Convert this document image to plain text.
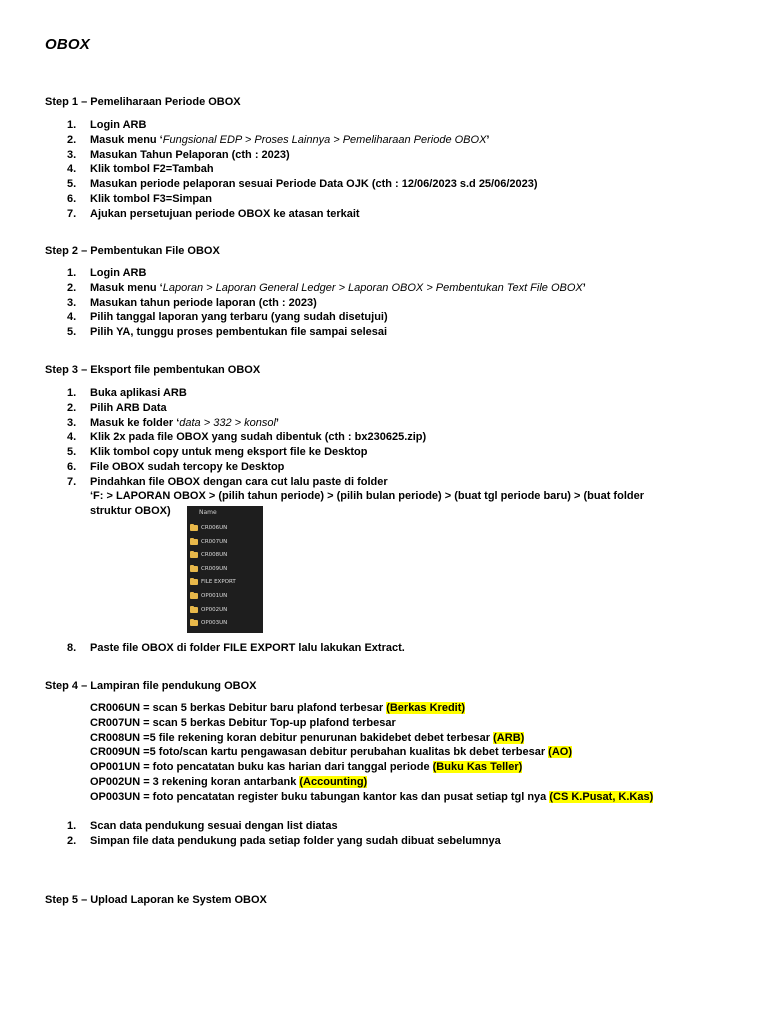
OBOX
Step 1 – Pemeliharaan Periode OBOX
1. Login ARB
2. Masuk menu ‘Fungsional EDP > Proses Lainnya > Pemeliharaan Periode OBOX’
3. Masukan Tahun Pelaporan (cth : 2023)
4. Klik tombol F2=Tambah
5. Masukan periode pelaporan sesuai Periode Data OJK (cth : 12/06/2023 s.d 25/06/2023)
6. Klik tombol F3=Simpan
7. Ajukan persetujuan periode OBOX ke atasan terkait
Step 2 – Pembentukan File OBOX
1. Login ARB
2. Masuk menu ‘Laporan > Laporan General Ledger > Laporan OBOX > Pembentukan Text File OBOX’
3. Masukan tahun periode laporan (cth : 2023)
4. Pilih tanggal laporan yang terbaru (yang sudah disetujui)
5. Pilih YA, tunggu proses pembentukan file sampai selesai
Step 3 – Eksport file pembentukan OBOX
1. Buka aplikasi ARB
2. Pilih ARB Data
3. Masuk ke folder ‘data > 332 > konsol’
4. Klik 2x pada file OBOX yang sudah dibentuk (cth : bx230625.zip)
5. Klik tombol copy untuk meng eksport file ke Desktop
6. File OBOX sudah tercopy ke Desktop
7. Pindahkan file OBOX dengan cara cut lalu paste di folder
‘F: > LAPORAN OBOX > (pilih tahun periode) > (pilih bulan periode) > (buat tgl periode baru) > (buat folder
struktur OBOX)	Name
CR006UN
CR007UN
CR008UN
CR009UN
FILE EXPORT
OP001UN
OP002UN
OP003UN
8. Paste file OBOX di folder FILE EXPORT lalu lakukan Extract.
Step 4 – Lampiran file pendukung OBOX
CR006UN = scan 5 berkas Debitur baru plafond terbesar (Berkas Kredit)
CR007UN = scan 5 berkas Debitur Top-up plafond terbesar
CR008UN =5 file rekening koran debitur penurunan bakidebet debet terbesar (ARB)
CR009UN =5 foto/scan kartu pengawasan debitur perubahan kualitas bk debet terbesar (AO)
OP001UN = foto pencatatan buku kas harian dari tanggal periode (Buku Kas Teller)
OP002UN = 3 rekening koran antarbank (Accounting)
OP003UN = foto pencatatan register buku tabungan kantor kas dan pusat setiap tgl nya (CS K.Pusat, K.Kas)
1. Scan data pendukung sesuai dengan list diatas
2. Simpan file data pendukung pada setiap folder yang sudah dibuat sebelumnya
Step 5 – Upload Laporan ke System OBOX
